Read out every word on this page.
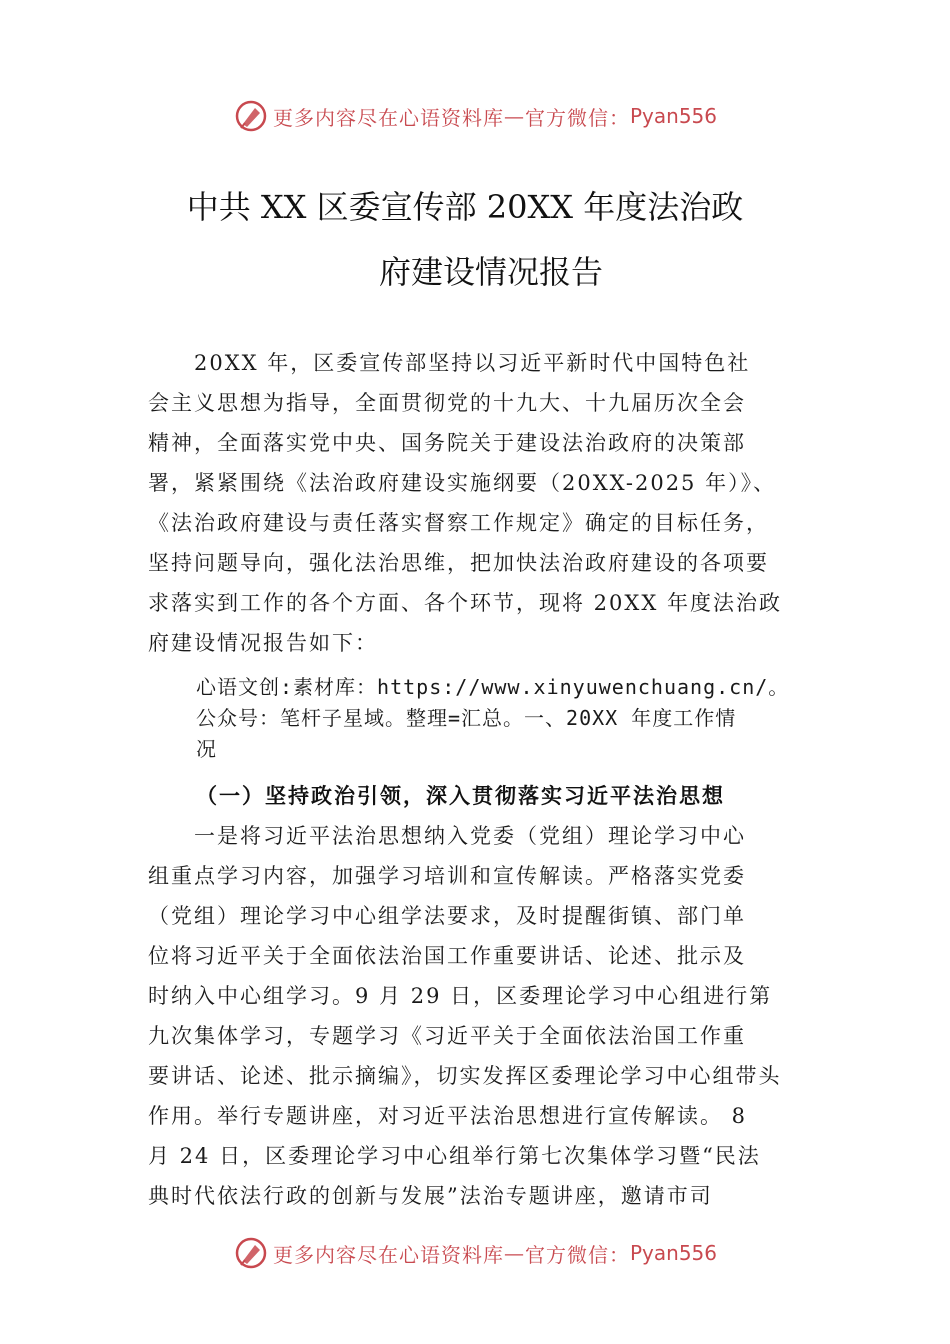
更多内容尽在心语资料库 — 官方微信： Pyan556
中共 XX 区委宣传部 20XX 年度法治政
府建设情况报告
20XX 年，区委宣传部坚持以习近平新时代中国特色社
会主义思想为指导，全面贯彻党的十九大、十九届历次全会
精神，全面落实党中央、国务院关于建设法治政府的决策部
署，紧紧围绕《法治政府建设实施纲要（20XX-2025 年）》、
《法治政府建设与责任落实督察工作规定》确定的目标任务，
坚持问题导向，强化法治思维，把加快法治政府建设的各项要
求落实到工作的各个方面、各个环节，现将 20XX 年度法治政
府建设情况报告如下：
心语文创:素材库：https://www.xinyuwenchuang.cn/。
公众号：笔杆子星域。整理=汇总。一、20XX 年度工作情
况
（一）坚持政治引领，深入贯彻落实习近平法治思想
一是将习近平法治思想纳入党委（党组）理论学习中心
组重点学习内容，加强学习培训和宣传解读。严格落实党委
（党组）理论学习中心组学法要求，及时提醒街镇、部门单
位将习近平关于全面依法治国工作重要讲话、论述、批示及
时纳入中心组学习。9 月 29 日，区委理论学习中心组进行第
九次集体学习，专题学习《习近平关于全面依法治国工作重
要讲话、论述、批示摘编》，切实发挥区委理论学习中心组带头
作用。举行专题讲座，对习近平法治思想进行宣传解读。 8
月 24 日，区委理论学习中心组举行第七次集体学习暨“民法
典时代依法行政的创新与发展”法治专题讲座，邀请市司
更多内容尽在心语资料库 — 官方微信： Pyan556
